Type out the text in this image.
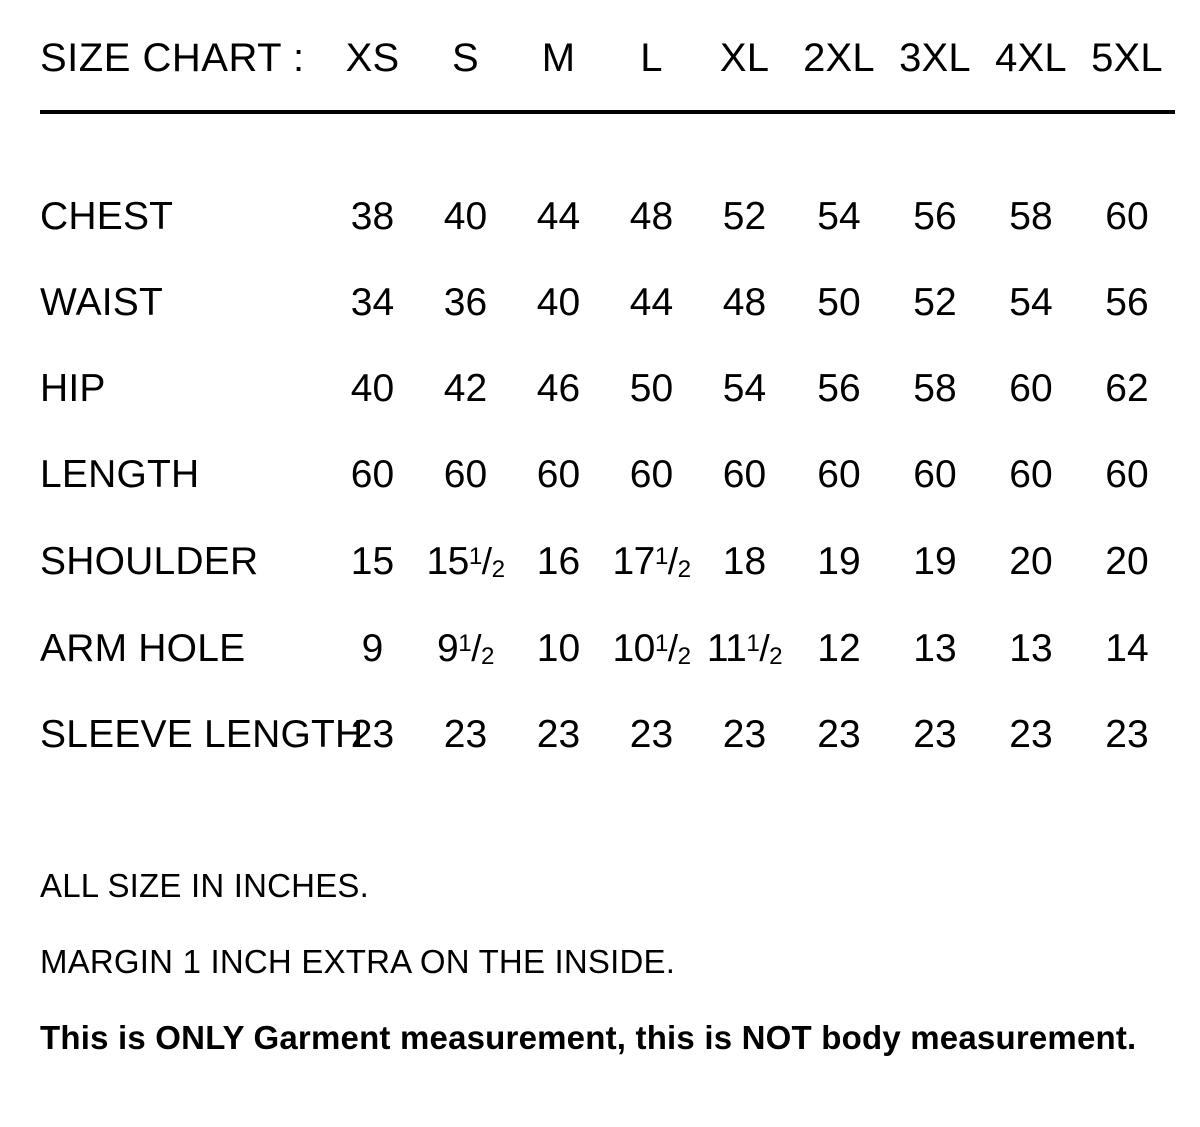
SIZE CHART :	XS	S	M	L	XL	2XL	3XL	4XL	5XL

CHEST	38	40	44	48	52	54	56	58	60
WAIST	34	36	40	44	48	50	52	54	56
HIP	40	42	46	50	54	56	58	60	62
LENGTH	60	60	60	60	60	60	60	60	60
SHOULDER	15	$15^1/_2$	16	$17^1/_2$	18	19	19	20	20
ARM HOLE	9	$9^1/_2$	10	$10^1/_2$	$11^1/_2$	12	13	13	14
SLEEVE LENGTH	23	23	23	23	23	23	23	23	23
ALL SIZE IN INCHES.
MARGIN 1 INCH EXTRA ON THE INSIDE.
This is ONLY Garment measurement, this is NOT body measurement.
